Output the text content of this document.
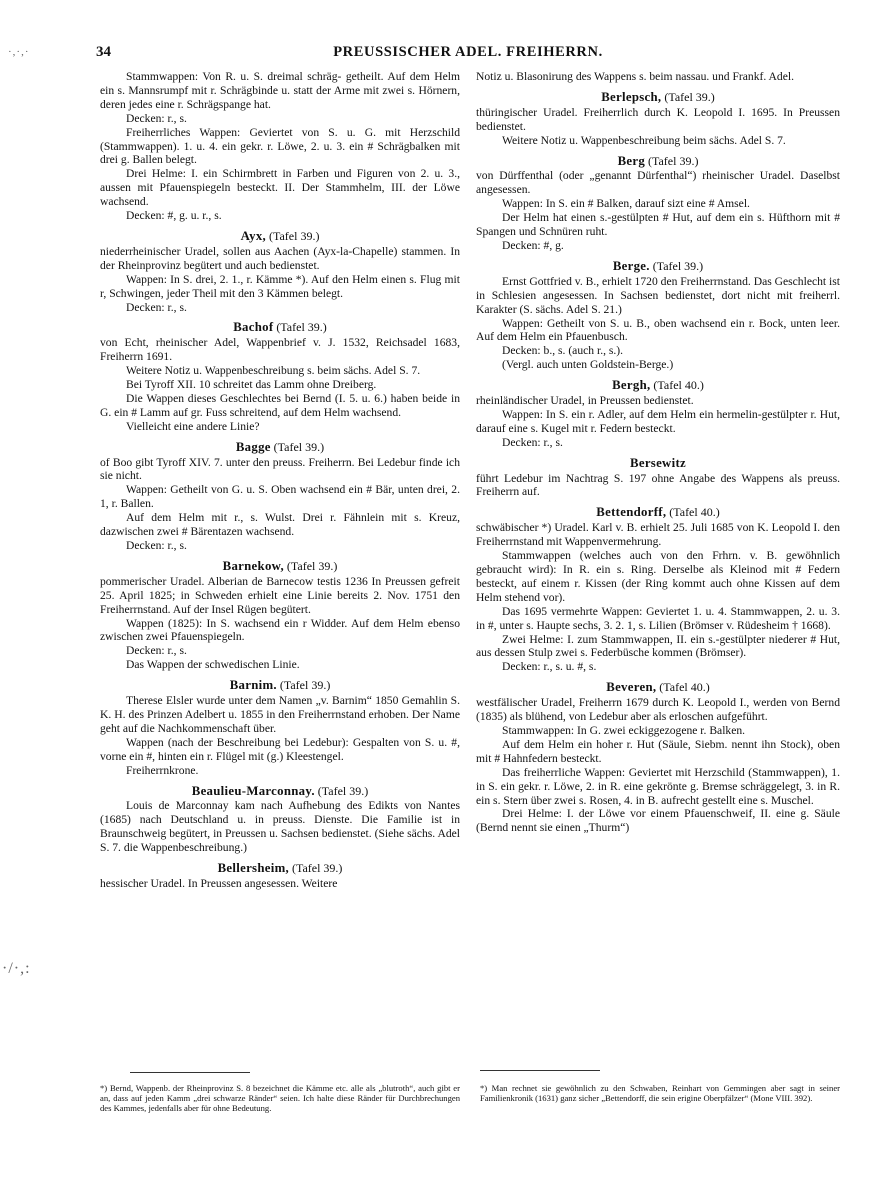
·,·,·
·/·,:
34	PREUSSISCHER ADEL. FREIHERRN.

Stammwappen: Von R. u. S. dreimal schräg- getheilt. Auf dem Helm ein s. Mannsrumpf mit r. Schrägbinde u. statt der Arme mit zwei s. Hörnern, deren jedes eine r. Schrägspange hat.

Decken: r., s.

Freiherrliches Wappen: Geviertet von S. u. G. mit Herzschild (Stammwappen). 1. u. 4. ein gekr. r. Löwe, 2. u. 3. ein # Schrägbalken mit drei g. Ballen belegt.

Drei Helme: I. ein Schirmbrett in Farben und Figuren von 2. u. 3., aussen mit Pfauenspiegeln besteckt. II. Der Stammhelm, III. der Löwe wachsend.

Decken: #, g. u. r., s.

Ayx, (Tafel 39.)

niederrheinischer Uradel, sollen aus Aachen (Ayx-la-Chapelle) stammen. In der Rheinprovinz begütert und auch bedienstet.

Wappen: In S. drei, 2. 1., r. Kämme *). Auf den Helm einen s. Flug mit r, Schwingen, jeder Theil mit den 3 Kämmen belegt.

Decken: r., s.

Bachof (Tafel 39.)

von Echt, rheinischer Adel, Wappenbrief v. J. 1532, Reichsadel 1683, Freiherrn 1691.

Weitere Notiz u. Wappenbeschreibung s. beim sächs. Adel S. 7.

Bei Tyroff XII. 10 schreitet das Lamm ohne Dreiberg.

Die Wappen dieses Geschlechtes bei Bernd (I. 5. u. 6.) haben beide in G. ein # Lamm auf gr. Fuss schreitend, auf dem Helm wachsend.

Vielleicht eine andere Linie?

Bagge (Tafel 39.)

of Boo gibt Tyroff XIV. 7. unter den preuss. Freiherrn. Bei Ledebur finde ich sie nicht.

Wappen: Getheilt von G. u. S. Oben wachsend ein # Bär, unten drei, 2. 1, r. Ballen.

Auf dem Helm mit r., s. Wulst. Drei r. Fähnlein mit s. Kreuz, dazwischen zwei # Bärentazen wachsend.

Decken: r., s.

Barnekow, (Tafel 39.)

pommerischer Uradel. Alberian de Barnecow testis 1236 In Preussen gefreit 25. April 1825; in Schweden erhielt eine Linie bereits 2. Nov. 1751 den Freiherrnstand. Auf der Insel Rügen begütert.

Wappen (1825): In S. wachsend ein r Widder. Auf dem Helm ebenso zwischen zwei Pfauenspiegeln.

Decken: r., s.

Das Wappen der schwedischen Linie.

Barnim. (Tafel 39.)

Therese Elsler wurde unter dem Namen „v. Barnim“ 1850 Gemahlin S. K. H. des Prinzen Adelbert u. 1855 in den Freiherrnstand erhoben. Der Name geht auf die Nachkommenschaft über.

Wappen (nach der Beschreibung bei Ledebur): Gespalten von S. u. #, vorne ein #, hinten ein r. Flügel mit (g.) Kleestengel.

Freiherrnkrone.

Beaulieu-Marconnay. (Tafel 39.)

Louis de Marconnay kam nach Aufhebung des Edikts von Nantes (1685) nach Deutschland u. in preuss. Dienste. Die Familie ist in Braunschweig begütert, in Preussen u. Sachsen bedienstet. (Siehe sächs. Adel S. 7. die Wappenbeschreibung.)

Bellersheim, (Tafel 39.)

hessischer Uradel. In Preussen angesessen. Weitere

Notiz u. Blasonirung des Wappens s. beim nassau. und Frankf. Adel.

Berlepsch, (Tafel 39.)

thüringischer Uradel. Freiherrlich durch K. Leopold I. 1695. In Preussen bedienstet.

Weitere Notiz u. Wappenbeschreibung beim sächs. Adel S. 7.

Berg (Tafel 39.)

von Dürffenthal (oder „genannt Dürfenthal“) rheinischer Uradel. Daselbst angesessen.

Wappen: In S. ein # Balken, darauf sizt eine # Amsel.

Der Helm hat einen s.-gestülpten # Hut, auf dem ein s. Hüfthorn mit # Spangen und Schnüren ruht.

Decken: #, g.

Berge. (Tafel 39.)

Ernst Gottfried v. B., erhielt 1720 den Freiherrnstand. Das Geschlecht ist in Schlesien angesessen. In Sachsen bedienstet, dort nicht mit freiherrl. Karakter (S. sächs. Adel S. 21.)

Wappen: Getheilt von S. u. B., oben wachsend ein r. Bock, unten leer. Auf dem Helm ein Pfauenbusch.

Decken: b., s. (auch r., s.).

(Vergl. auch unten Goldstein-Berge.)

Bergh, (Tafel 40.)

rheinländischer Uradel, in Preussen bedienstet.

Wappen: In S. ein r. Adler, auf dem Helm ein hermelin-gestülpter r. Hut, darauf eine s. Kugel mit r. Federn besteckt.

Decken: r., s.

Bersewitz

führt Ledebur im Nachtrag S. 197 ohne Angabe des Wappens als preuss. Freiherrn auf.

Bettendorff, (Tafel 40.)

schwäbischer *) Uradel. Karl v. B. erhielt 25. Juli 1685 von K. Leopold I. den Freiherrnstand mit Wappenvermehrung.

Stammwappen (welches auch von den Frhrn. v. B. gewöhnlich gebraucht wird): In R. ein s. Ring. Derselbe als Kleinod mit # Federn besteckt, auf einem r. Kissen (der Ring kommt auch ohne Kissen auf dem Helm stehend vor).

Das 1695 vermehrte Wappen: Geviertet 1. u. 4. Stammwappen, 2. u. 3. in #, unter s. Haupte sechs, 3. 2. 1, s. Lilien (Brömser v. Rüdesheim † 1668).

Zwei Helme: I. zum Stammwappen, II. ein s.-gestülpter niederer # Hut, aus dessen Stulp zwei s. Federbüsche kommen (Brömser).

Decken: r., s. u. #, s.

Beveren, (Tafel 40.)

westfälischer Uradel, Freiherrn 1679 durch K. Leopold I., werden von Bernd (1835) als blühend, von Ledebur aber als erloschen aufgeführt.

Stammwappen: In G. zwei eckiggezogene r. Balken.

Auf dem Helm ein hoher r. Hut (Säule, Siebm. nennt ihn Stock), oben mit # Hahnfedern besteckt.

Das freiherrliche Wappen: Geviertet mit Herzschild (Stammwappen), 1. in S. ein gekr. r. Löwe, 2. in R. eine gekrönte g. Bremse schräggelegt, 3. in R. ein s. Stern über zwei s. Rosen, 4. in B. aufrecht gestellt eine s. Muschel.

Drei Helme: I. der Löwe vor einem Pfauenschweif, II. eine g. Säule (Bernd nennt sie einen „Thurm“)

*) Bernd, Wappenb. der Rheinprovinz S. 8 bezeichnet die Kämme etc. alle als „blutroth“, auch gibt er an, dass auf jeden Kamm „drei schwarze Ränder“ seien. Ich halte diese Ränder für Durchbrechungen des Kammes, jedenfalls aber für ohne Bedeutung.
*) Man rechnet sie gewöhnlich zu den Schwaben, Reinhart von Gemmingen aber sagt in seiner Familienkronik (1631) ganz sicher „Bettendorff, die sein erigine Oberpfälzer“ (Mone VIII. 392).
